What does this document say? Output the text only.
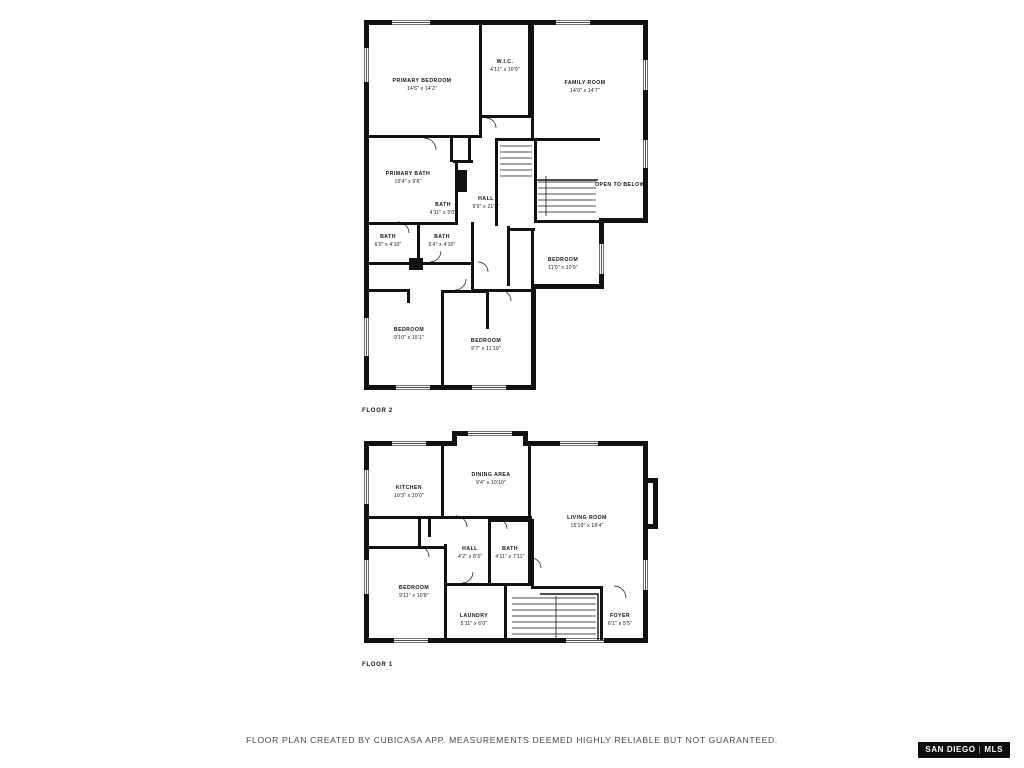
PRIMARY BEDROOM
14'6" x 14'2"
W.I.C.
4'11" x 10'9"
FAMILY ROOM
14'0" x 14'7"
OPEN TO BELOW
PRIMARY BATH
10'4" x 9'6"
BATH
4'11" x 3'0"
HALL
9'0" x 21'8"
BATH
6'0" x 4'10"
BATH
6'4" x 4'10"
BEDROOM
11'0" x 10'9"
BEDROOM
9'10" x 15'1"
BEDROOM
9'7" x 11'10"
KITCHEN
10'3" x 10'0"
DINING AREA
9'4" x 10'10"
LIVING ROOM
15'10" x 18'4"
HALL
4'2" x 8'3"
BATH
4'11" x 7'11"
BEDROOM
9'11" x 10'8"
LAUNDRY
5'11" x 6'0"
FOYER
6'1" x 5'5"
FLOOR 2
FLOOR 1
FLOOR PLAN CREATED BY CUBICASA APP. MEASUREMENTS DEEMED HIGHLY RELIABLE BUT NOT GUARANTEED.
SAN DIEGO | MLS
